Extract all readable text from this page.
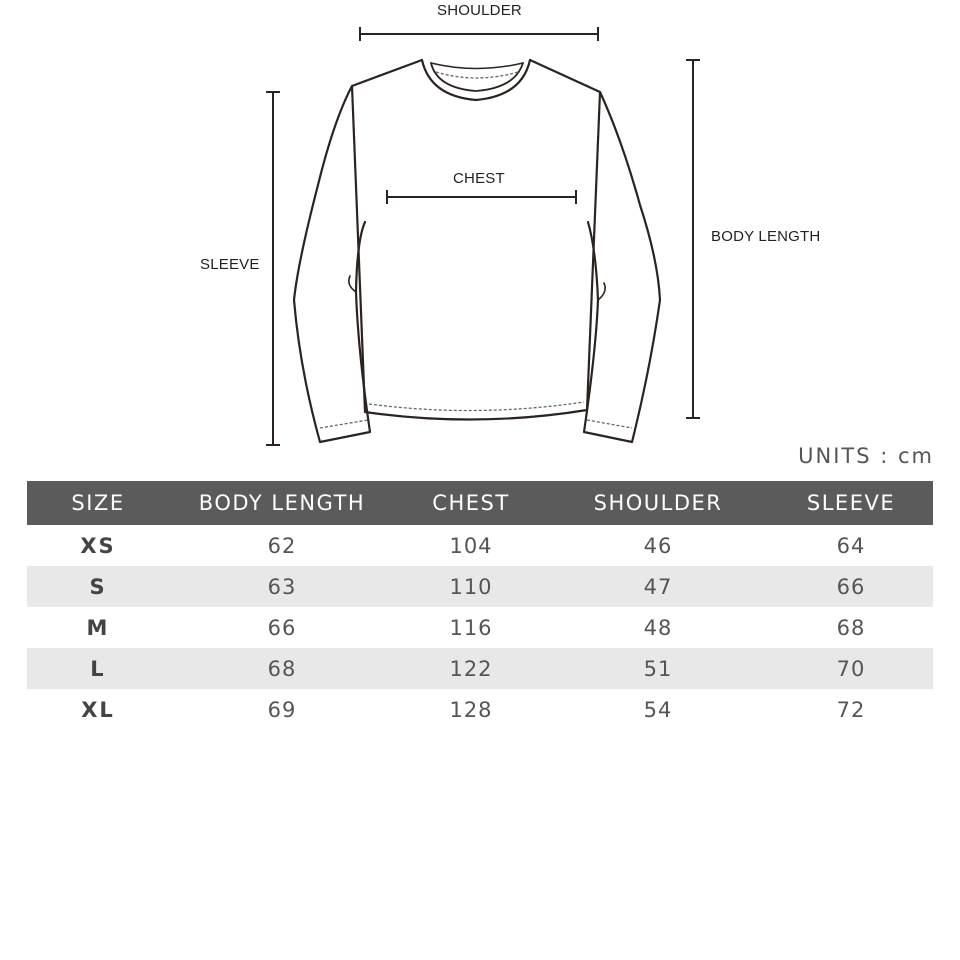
SHOULDER
CHEST
SLEEVE
BODY LENGTH
UNITS : cm
SIZE	BODY LENGTH	CHEST	SHOULDER	SLEEVE
XS	62	104	46	64
S	63	110	47	66
M	66	116	48	68
L	68	122	51	70
XL	69	128	54	72
